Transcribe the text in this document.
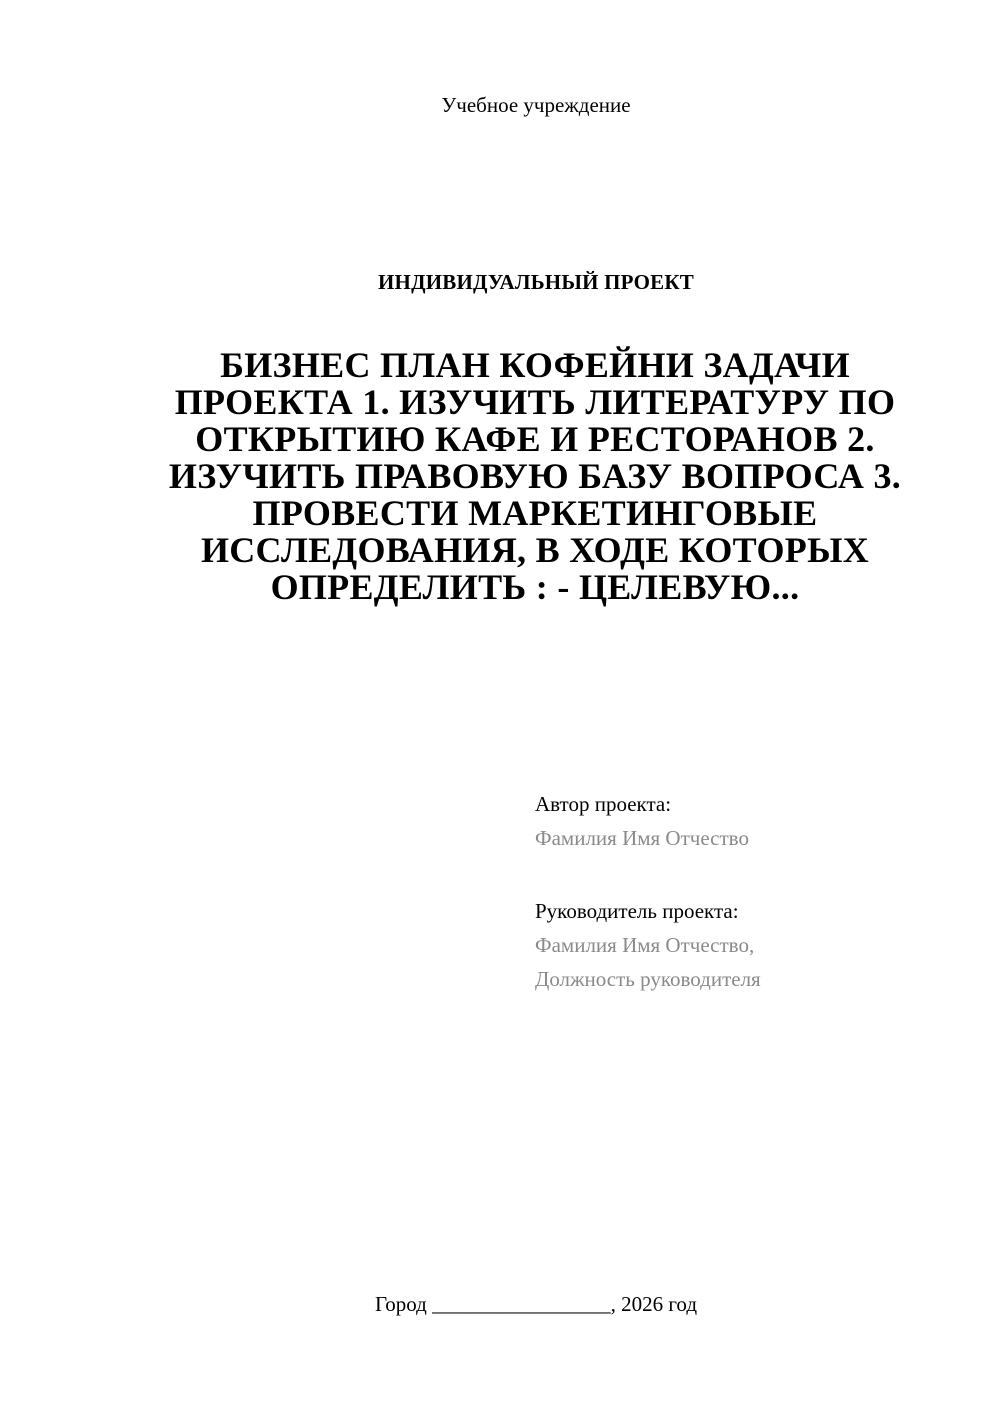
Учебное учреждение
ИНДИВИДУАЛЬНЫЙ ПРОЕКТ
БИЗНЕС ПЛАН КОФЕЙНИ ЗАДАЧИ ПРОЕКТА 1. ИЗУЧИТЬ ЛИТЕРАТУРУ ПО ОТКРЫТИЮ КАФЕ И РЕСТОРАНОВ 2. ИЗУЧИТЬ ПРАВОВУЮ БАЗУ ВОПРОСА 3. ПРОВЕСТИ МАРКЕТИНГОВЫЕ ИССЛЕДОВАНИЯ, В ХОДЕ КОТОРЫХ ОПРЕДЕЛИТЬ : - ЦЕЛЕВУЮ...
Автор проекта:
Фамилия Имя Отчество
Руководитель проекта:
Фамилия Имя Отчество,
Должность руководителя
Город _________________, 2026 год
